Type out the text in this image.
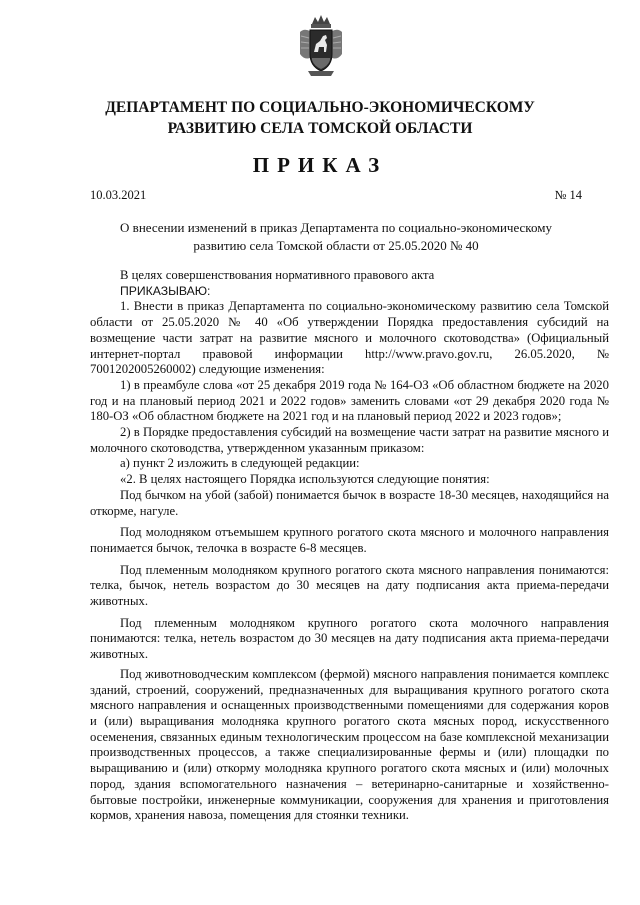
ДЕПАРТАМЕНТ ПО СОЦИАЛЬНО-ЭКОНОМИЧЕСКОМУ
РАЗВИТИЮ СЕЛА ТОМСКОЙ ОБЛАСТИ
ПРИКАЗ
10.03.2021	№ 14
О внесении изменений в приказ Департамента по социально-экономическому
развитию села Томской области от 25.05.2020 № 40

В целях совершенствования нормативного правового акта

ПРИКАЗЫВАЮ:

1. Внести в приказ Департамента по социально-экономическому развитию села Томской области от 25.05.2020 № 40 «Об утверждении Порядка предоставления субсидий на возмещение части затрат на развитие мясного и молочного скотоводства» (Официальный интернет-портал правовой информации http://www.pravo.gov.ru, 26.05.2020, № 7001202005260002) следующие изменения:

1) в преамбуле слова «от 25 декабря 2019 года № 164-ОЗ «Об областном бюджете на 2020 год и на плановый период 2021 и 2022 годов» заменить словами «от 29 декабря 2020 года № 180-ОЗ «Об областном бюджете на 2021 год и на плановый период 2022 и 2023 годов»;

2) в Порядке предоставления субсидий на возмещение части затрат на развитие мясного и молочного скотоводства, утвержденном указанным приказом:

а) пункт 2 изложить в следующей редакции:

«2. В целях настоящего Порядка используются следующие понятия:

Под бычком на убой (забой) понимается бычок в возрасте 18-30 месяцев, находящийся на откорме, нагуле.

Под молодняком отъемышем крупного рогатого скота мясного и молочного направления понимается бычок, телочка в возрасте 6-8 месяцев.

Под племенным молодняком крупного рогатого скота мясного направления понимаются: телка, бычок, нетель возрастом до 30 месяцев на дату подписания акта приема-передачи животных.

Под племенным молодняком крупного рогатого скота молочного направления понимаются: телка, нетель возрастом до 30 месяцев на дату подписания акта приема-передачи животных.

Под животноводческим комплексом (фермой) мясного направления понимается комплекс зданий, строений, сооружений, предназначенных для выращивания крупного рогатого скота мясного направления и оснащенных производственными помещениями для содержания коров и (или) выращивания молодняка крупного рогатого скота мясных пород, искусственного осеменения, связанных единым технологическим процессом на базе комплексной механизации производственных процессов, а также специализированные фермы и (или) площадки по выращиванию и (или) откорму молодняка крупного рогатого скота мясных и (или) молочных пород, здания вспомогательного назначения – ветеринарно-санитарные и хозяйственно-бытовые постройки, инженерные коммуникации, сооружения для хранения и приготовления кормов, хранения навоза, помещения для стоянки техники.
